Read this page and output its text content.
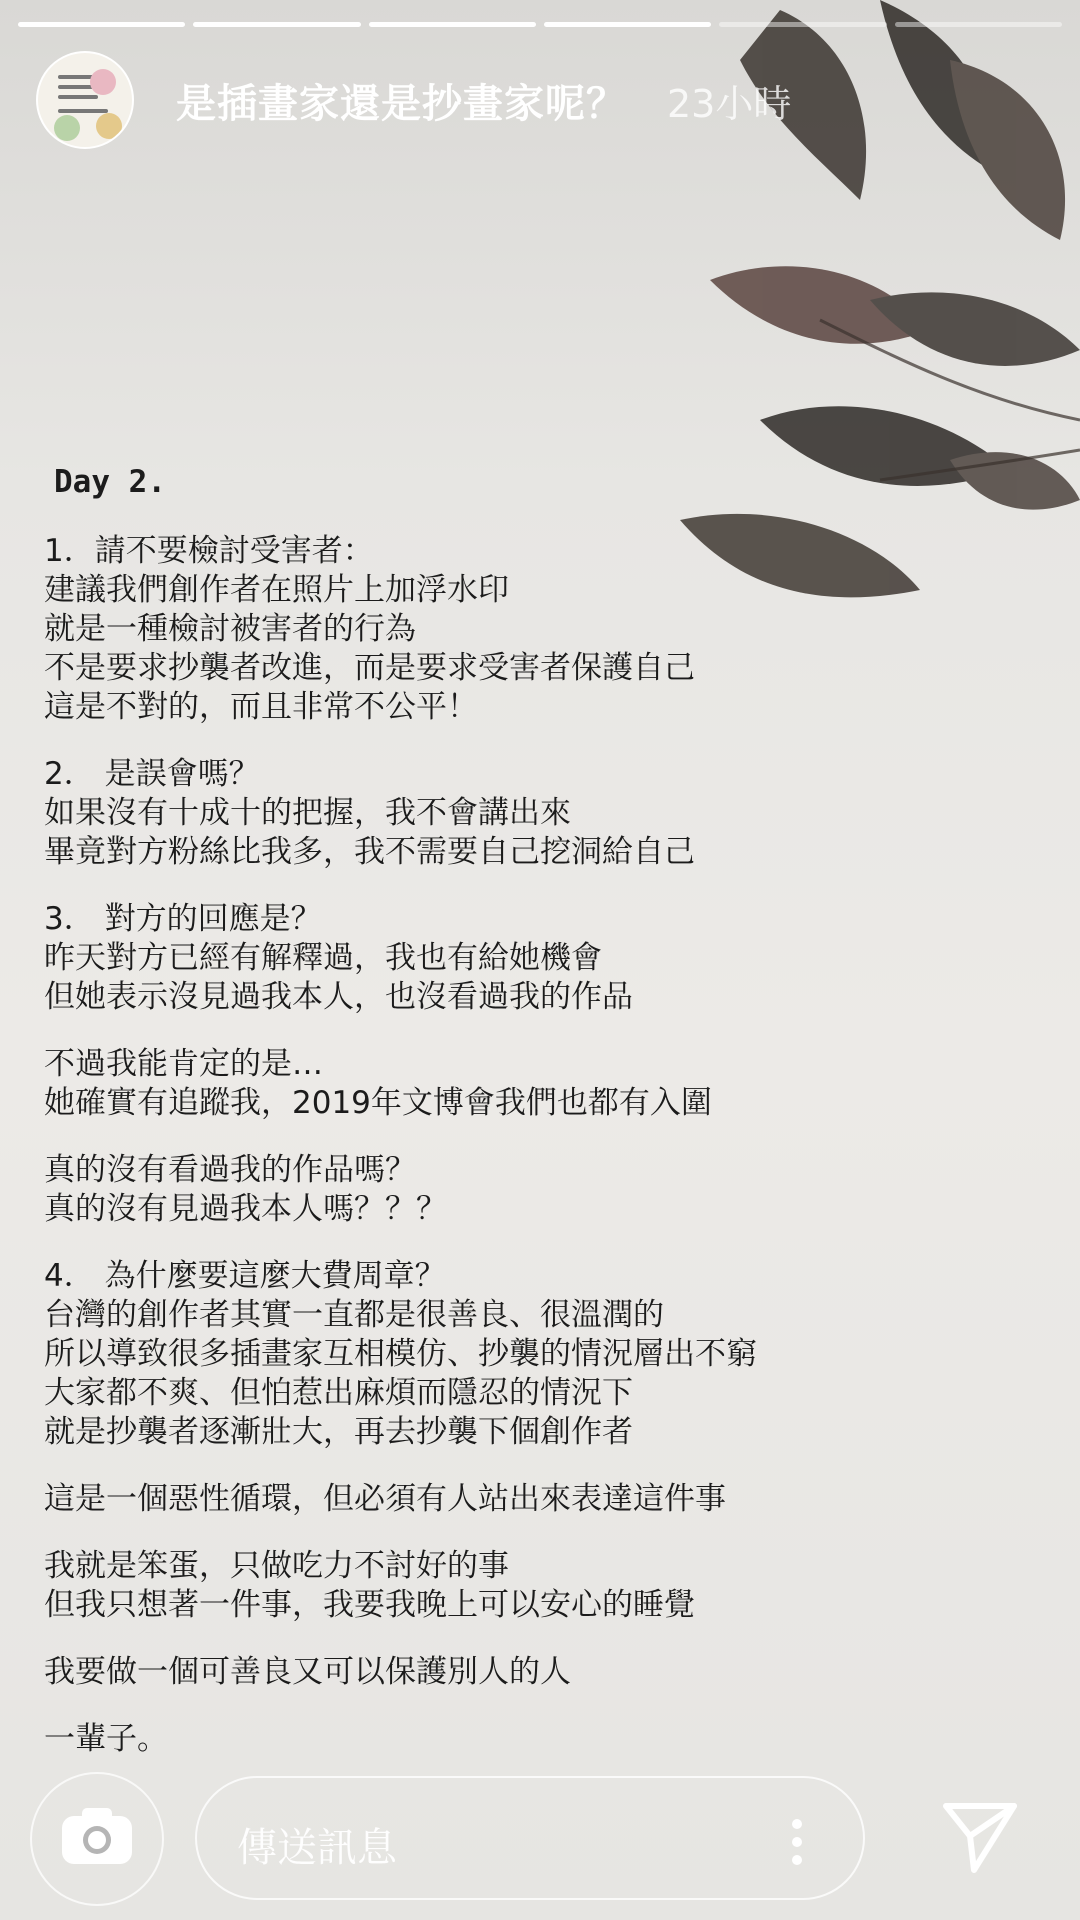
是插畫家還是抄畫家呢？ 23小時
Day 2.
1．請不要檢討受害者：
建議我們創作者在照片上加浮水印
就是一種檢討被害者的行為
不是要求抄襲者改進，而是要求受害者保護自己
這是不對的，而且非常不公平！
2． 是誤會嗎？
如果沒有十成十的把握，我不會講出來
畢竟對方粉絲比我多，我不需要自己挖洞給自己
3． 對方的回應是？
昨天對方已經有解釋過，我也有給她機會
但她表示沒見過我本人，也沒看過我的作品
不過我能肯定的是…
她確實有追蹤我，2019年文博會我們也都有入圍
真的沒有看過我的作品嗎？
真的沒有見過我本人嗎？？？
4． 為什麼要這麼大費周章？
台灣的創作者其實一直都是很善良、很溫潤的
所以導致很多插畫家互相模仿、抄襲的情況層出不窮
大家都不爽、但怕惹出麻煩而隱忍的情況下
就是抄襲者逐漸壯大，再去抄襲下個創作者
這是一個惡性循環，但必須有人站出來表達這件事
我就是笨蛋，只做吃力不討好的事
但我只想著一件事，我要我晚上可以安心的睡覺
我要做一個可善良又可以保護別人的人
一輩子。
傳送訊息
